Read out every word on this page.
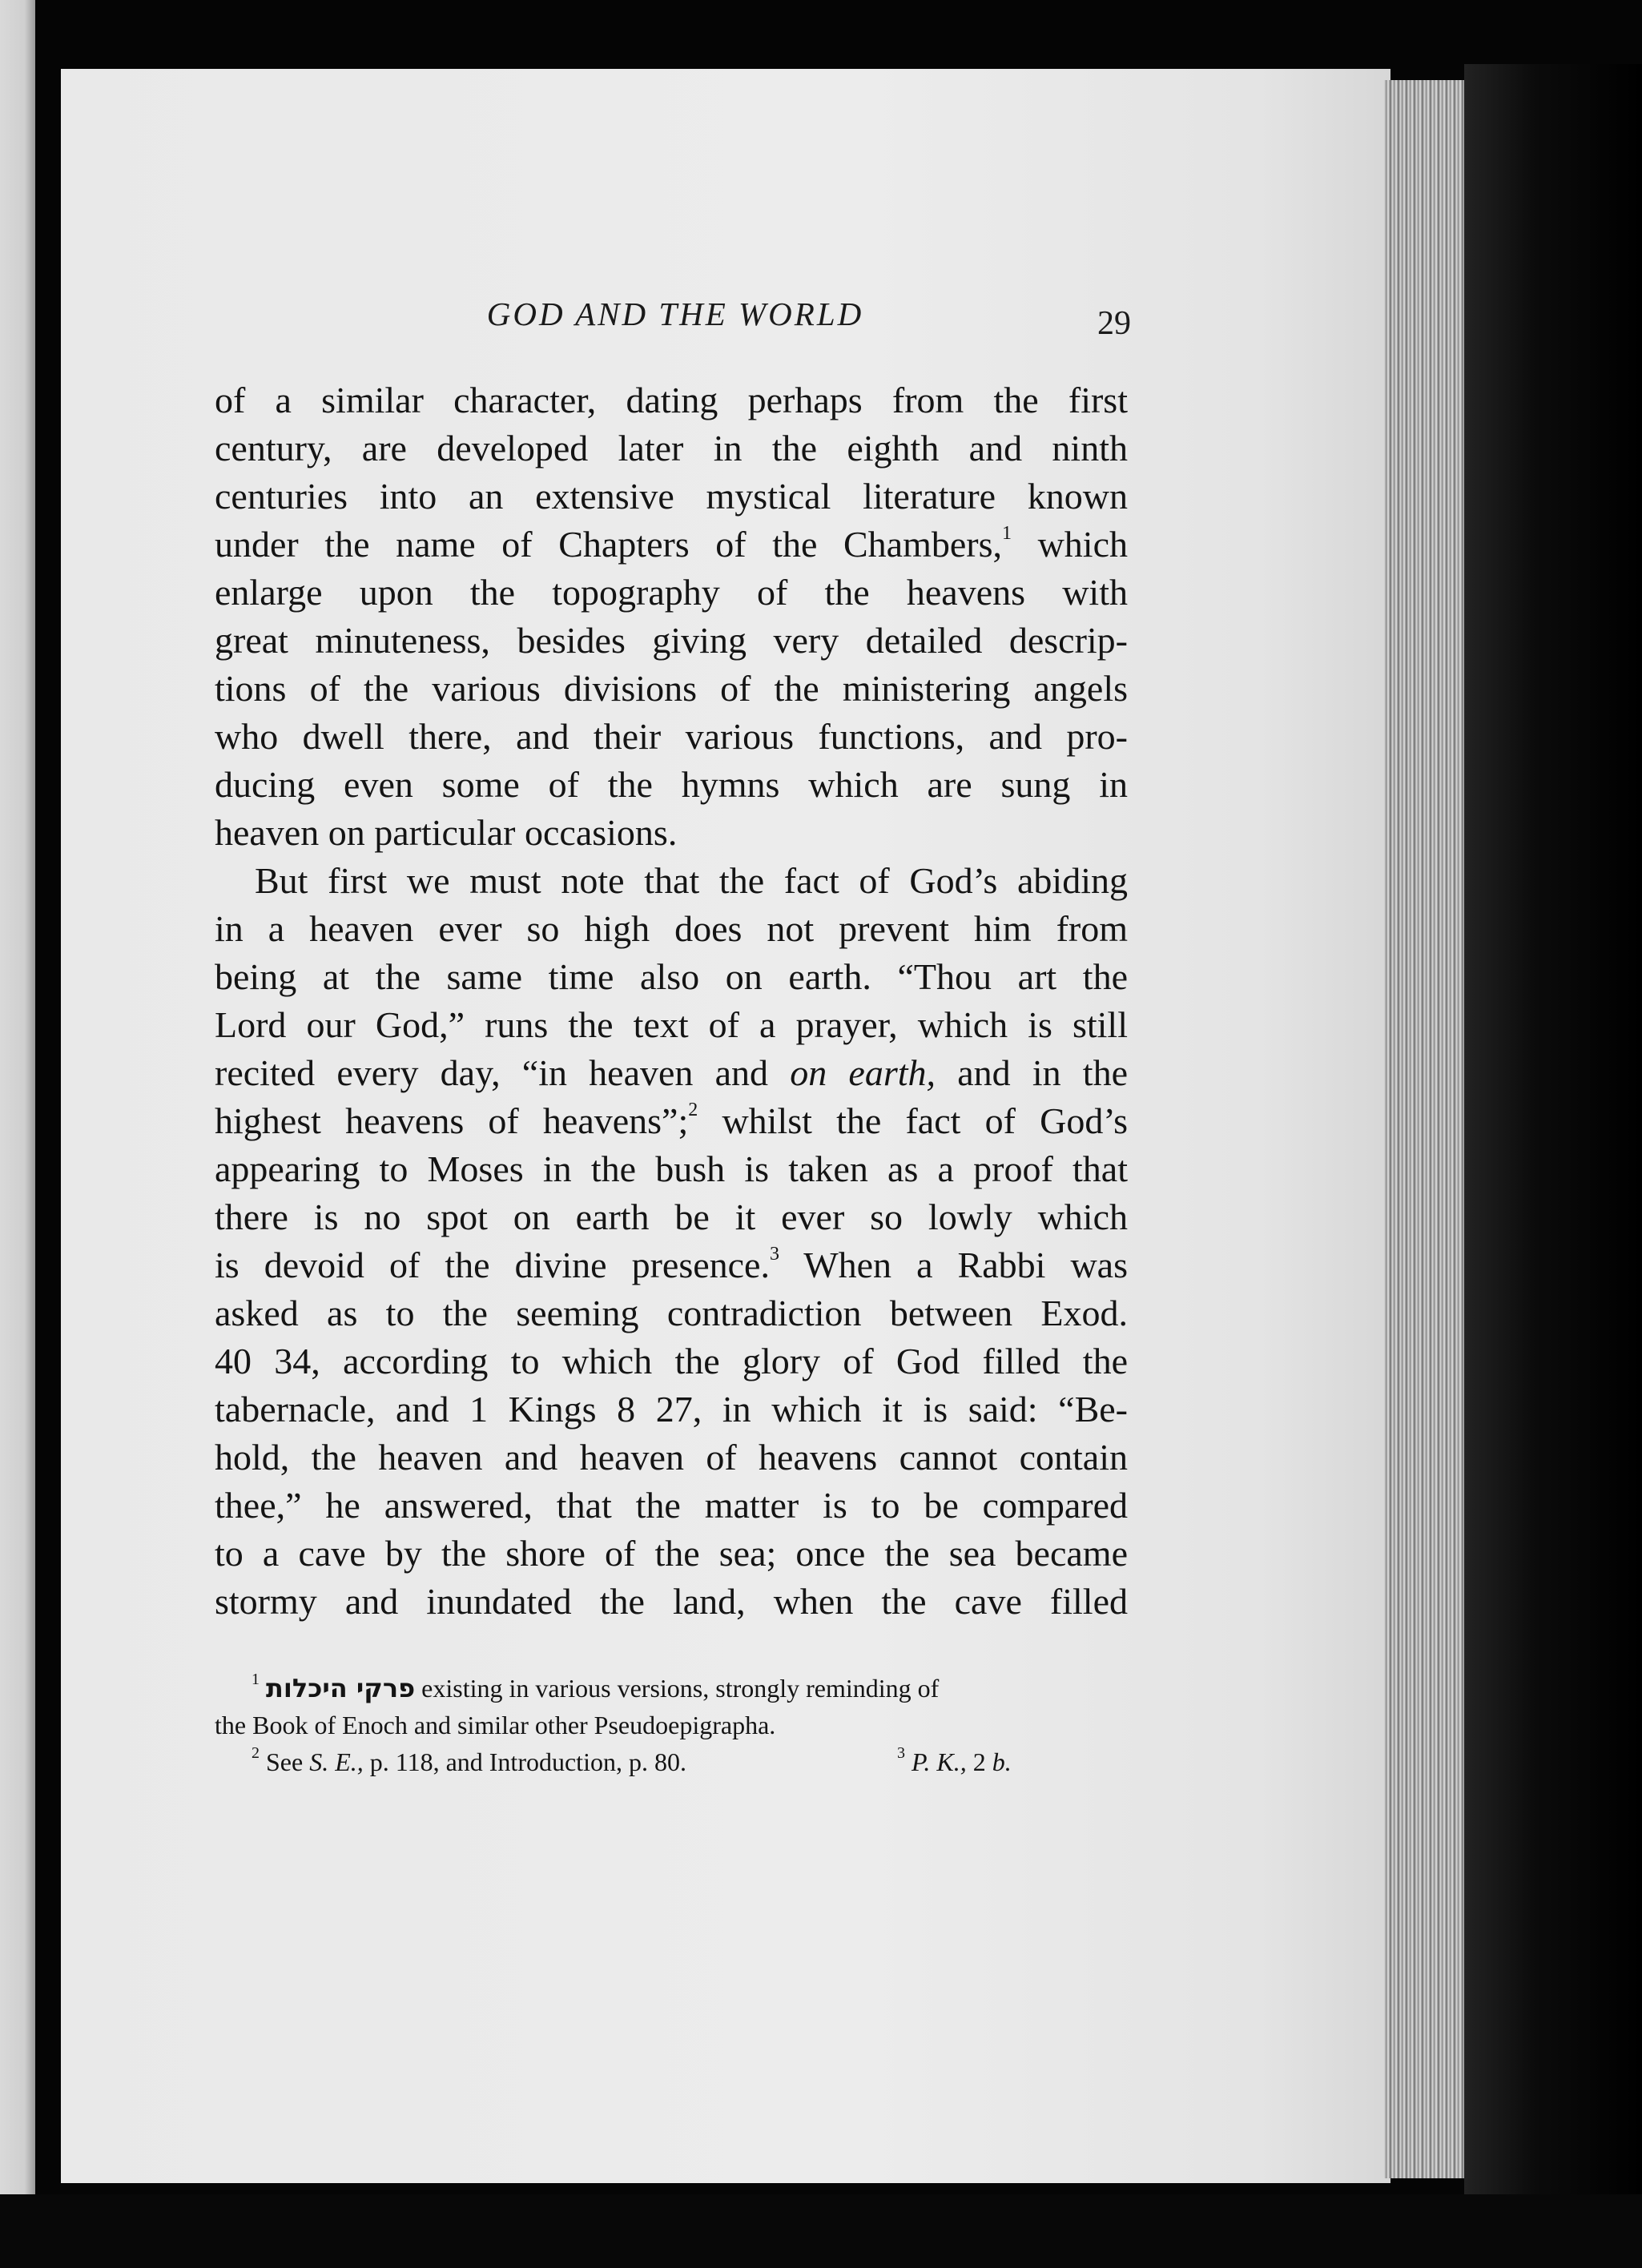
GOD AND THE WORLD	29
of a similar character, dating perhaps from the first
century, are developed later in the eighth and ninth
centuries into an extensive mystical literature known
under the name of Chapters of the Chambers,$^1$ which
enlarge upon the topography of the heavens with
great minuteness, besides giving very detailed descrip-
tions of the various divisions of the ministering angels
who dwell there, and their various functions, and pro-
ducing even some of the hymns which are sung in
heaven on particular occasions.
But first we must note that the fact of God’s abiding
in a heaven ever so high does not prevent him from
being at the same time also on earth. “Thou art the
Lord our God,” runs the text of a prayer, which is still
recited every day, “in heaven and on earth, and in the
highest heavens of heavens”;$^2$ whilst the fact of God’s
appearing to Moses in the bush is taken as a proof that
there is no spot on earth be it ever so lowly which
is devoid of the divine presence.$^3$ When a Rabbi was
asked as to the seeming contradiction between Exod.
40 34, according to which the glory of God filled the
tabernacle, and 1 Kings 8 27, in which it is said: “Be-
hold, the heaven and heaven of heavens cannot contain
thee,” he answered, that the matter is to be compared
to a cave by the shore of the sea; once the sea became
stormy and inundated the land, when the cave filled
$^1$ פרקי היכלות existing in various versions, strongly reminding of
the Book of Enoch and similar other Pseudoepigrapha.
$^2$ See S. E., p. 118, and Introduction, p. 80.	$^3$ P. K., 2 b.
